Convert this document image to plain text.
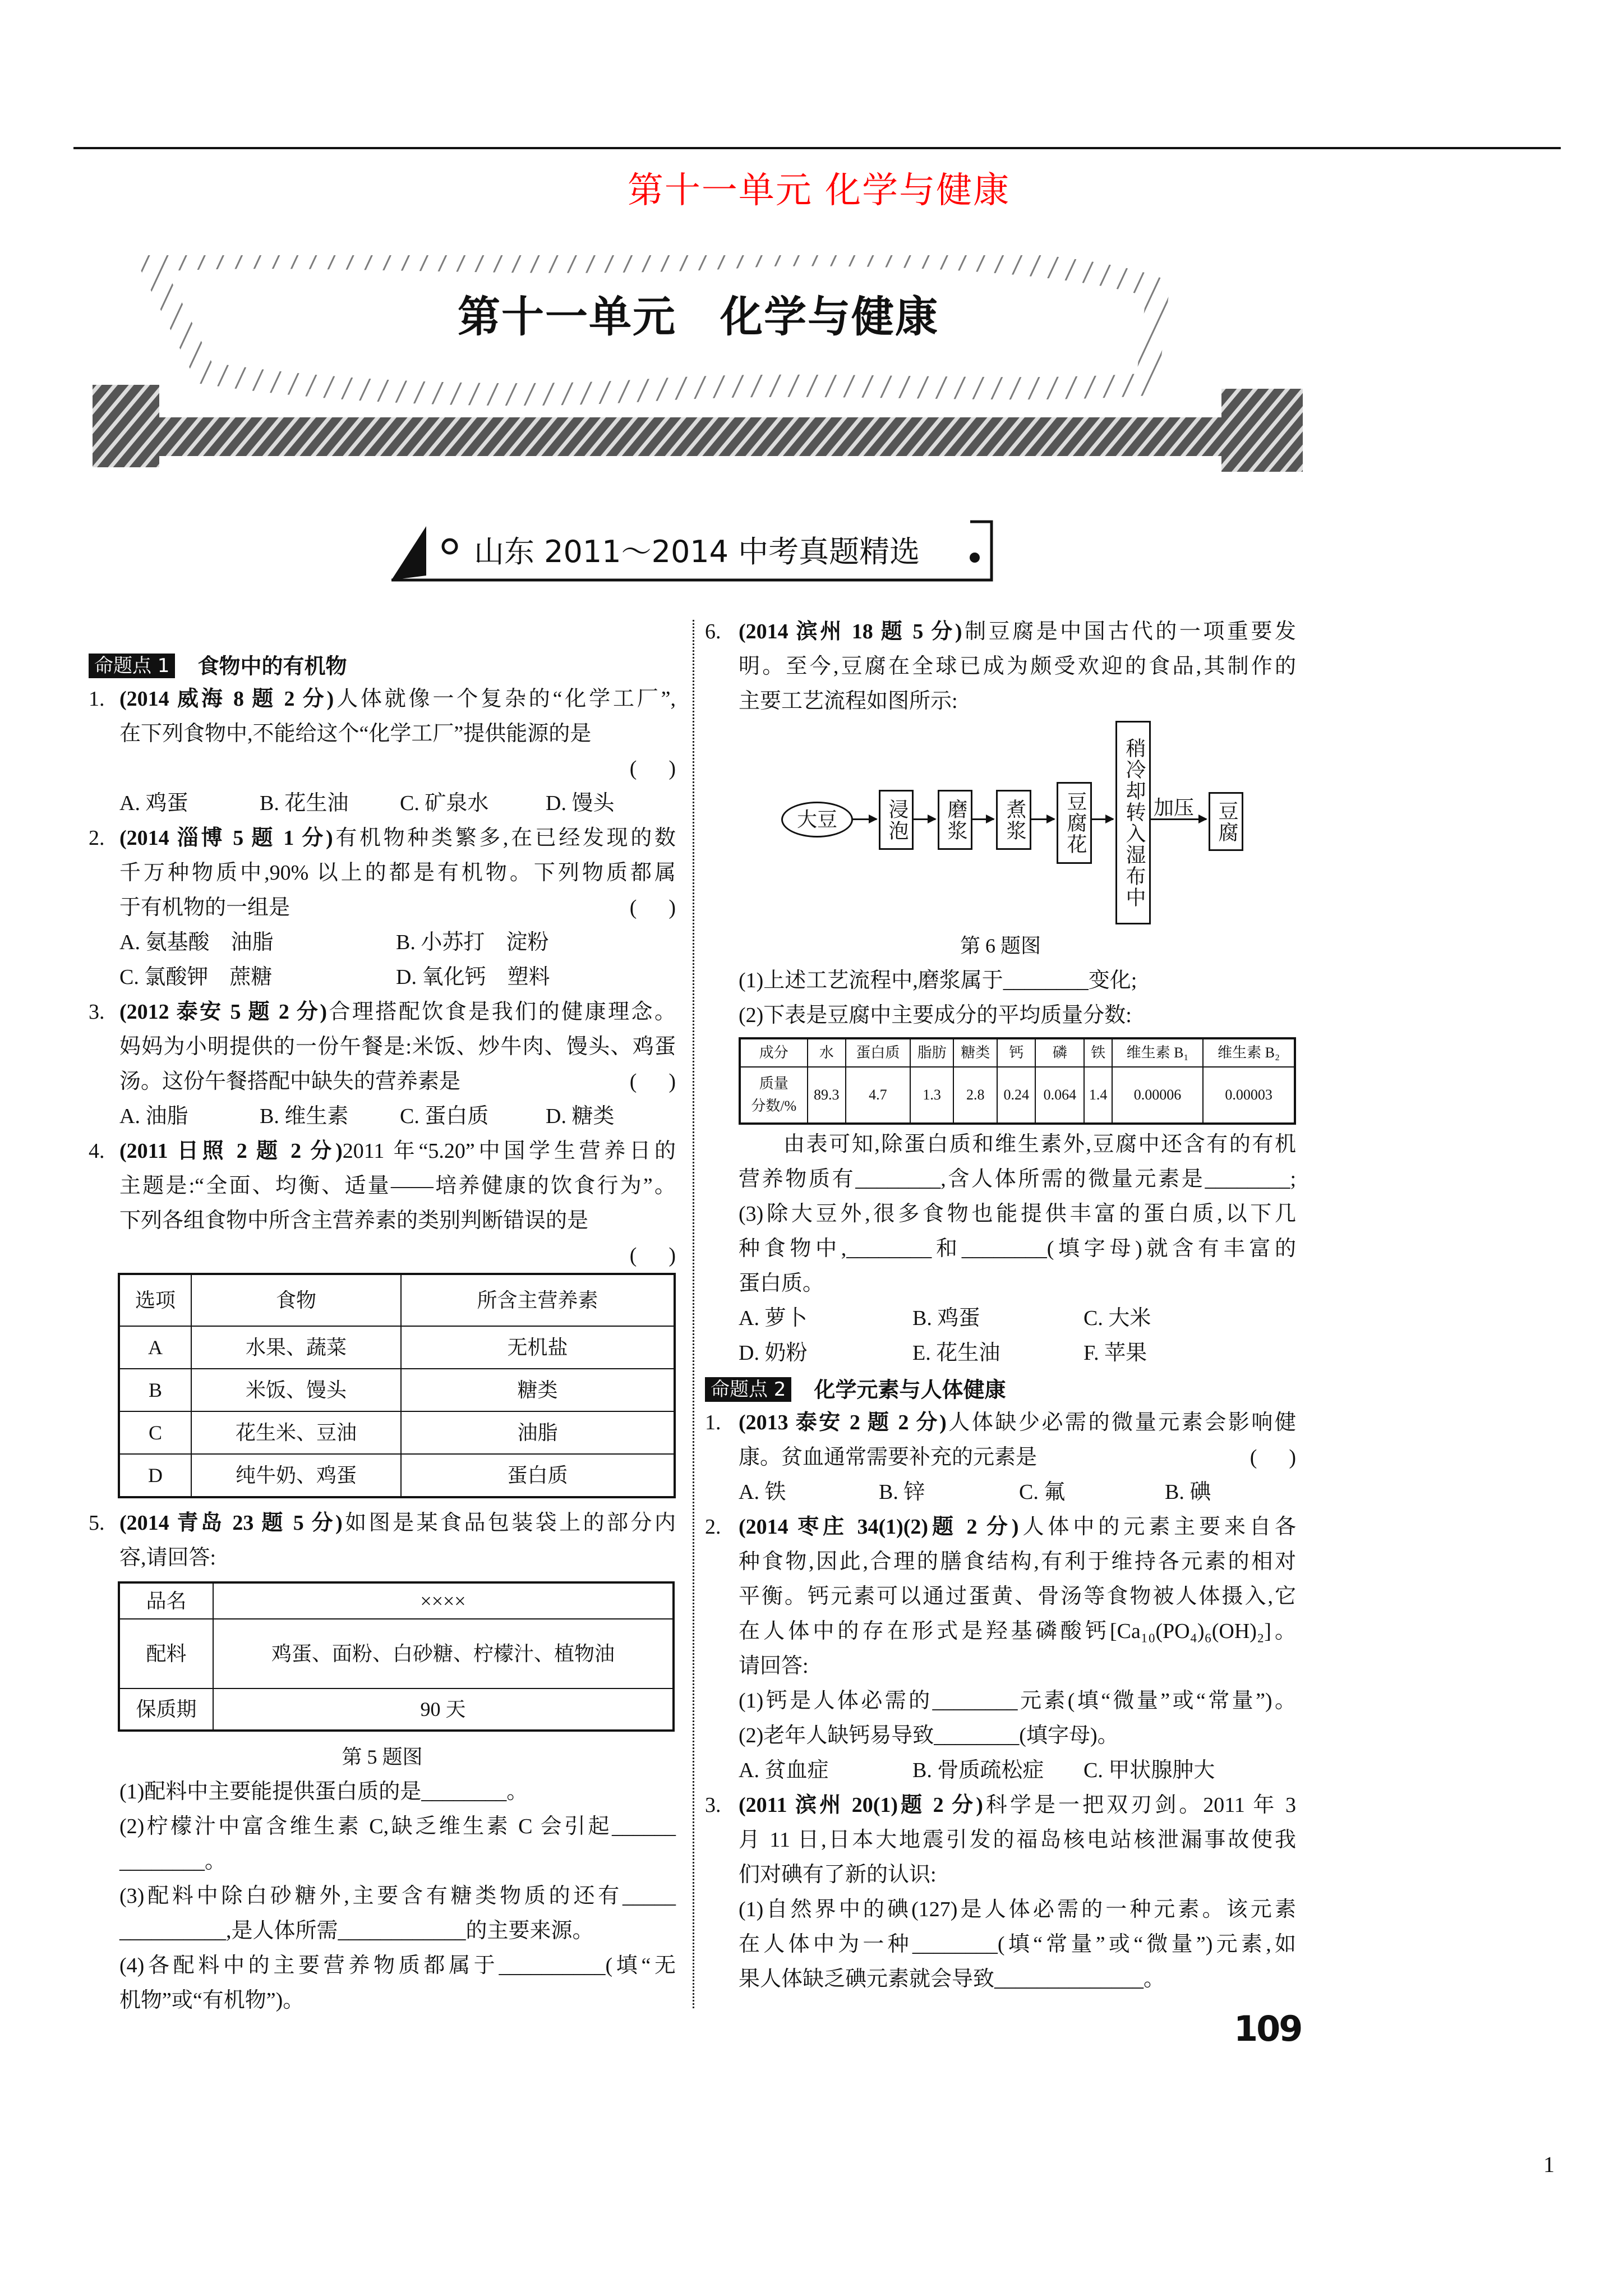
第十一单元 化学与健康
第十一单元　化学与健康
山东 2011～2014 中考真题精选
命题点 1 食物中的有机物
1. (2014 威海 8 题 2 分)人体就像一个复杂的“化学工厂”,
在下列食物中,不能给这个“化学工厂”提供能源的是
(      )
A. 鸡蛋	B. 花生油 C. 矿泉水	D. 馒头
2. (2014 淄博 5 题 1 分)有机物种类繁多,在已经发现的数
千万种物质中,90% 以上的都是有机物。下列物质都属
于有机物的一组是	(      )
A. 氨基酸　油脂	B. 小苏打　淀粉
C. 氯酸钾　蔗糖	D. 氧化钙　塑料
3. (2012 泰安 5 题 2 分)合理搭配饮食是我们的健康理念。
妈妈为小明提供的一份午餐是:米饭、炒牛肉、馒头、鸡蛋
汤。这份午餐搭配中缺失的营养素是	(      )
A. 油脂	B. 维生素 C. 蛋白质	D. 糖类
4. (2011 日照 2 题 2 分)2011 年“5.20”中国学生营养日的
主题是:“全面、均衡、适量——培养健康的饮食行为”。
下列各组食物中所含主营养素的类别判断错误的是
(      )
选项	食物	所含主营养素
A	水果、蔬菜	无机盐
B	米饭、馒头	糖类
C	花生米、豆油	油脂
D	纯牛奶、鸡蛋	蛋白质
5. (2014 青岛 23 题 5 分)如图是某食品包装袋上的部分内
容,请回答:
品名	××××
配料	鸡蛋、面粉、白砂糖、柠檬汁、植物油
保质期	90 天
第 5 题图
(1)配料中主要能提供蛋白质的是________。
(2)柠檬汁中富含维生素 C,缺乏维生素 C 会引起______
________。
(3)配料中除白砂糖外,主要含有糖类物质的还有_____
__________,是人体所需____________的主要来源。
(4)各配料中的主要营养物质都属于__________(填“无
机物”或“有机物”)。
6. (2014 滨州 18 题 5 分)制豆腐是中国古代的一项重要发
明。至今,豆腐在全球已成为颇受欢迎的食品,其制作的
主要工艺流程如图所示:
大豆	浸泡	磨浆	煮浆	豆腐花	稍冷却转入湿布中	豆腐
加压
第 6 题图
(1)上述工艺流程中,磨浆属于________变化;
(2)下表是豆腐中主要成分的平均质量分数:
成分	水	蛋白质	脂肪	糖类	钙	磷	铁	维生素 B₁	维生素 B₂
质量
分数/%	89.3	4.7	1.3	2.8	0.24	0.064	1.4	0.00006	0.00003
由表可知,除蛋白质和维生素外,豆腐中还含有的有机
营养物质有________,含人体所需的微量元素是________;
(3)除大豆外,很多食物也能提供丰富的蛋白质,以下几
种食物中,________和________(填字母)就含有丰富的
蛋白质。
A. 萝卜	B. 鸡蛋	C. 大米
D. 奶粉	E. 花生油	F. 苹果
命题点 2 化学元素与人体健康
1. (2013 泰安 2 题 2 分)人体缺少必需的微量元素会影响健
康。贫血通常需要补充的元素是	(      )
A. 铁	B. 锌	C. 氟	B. 碘
2. (2014 枣庄 34(1)(2)题 2 分)人体中的元素主要来自各
种食物,因此,合理的膳食结构,有利于维持各元素的相对
平衡。钙元素可以通过蛋黄、骨汤等食物被人体摄入,它
在人体中的存在形式是羟基磷酸钙[Ca₁₀(PO₄)₆(OH)₂]。
请回答:
(1)钙是人体必需的________元素(填“微量”或“常量”)。
(2)老年人缺钙易导致________(填字母)。
A. 贫血症	B. 骨质疏松症 C. 甲状腺肿大
3. (2011 滨州 20(1)题 2 分)科学是一把双刃剑。2011 年 3
月 11 日,日本大地震引发的福岛核电站核泄漏事故使我
们对碘有了新的认识:
(1)自然界中的碘(127)是人体必需的一种元素。该元素
在人体中为一种________(填“常量”或“微量”)元素,如
果人体缺乏碘元素就会导致______________。
109
1
